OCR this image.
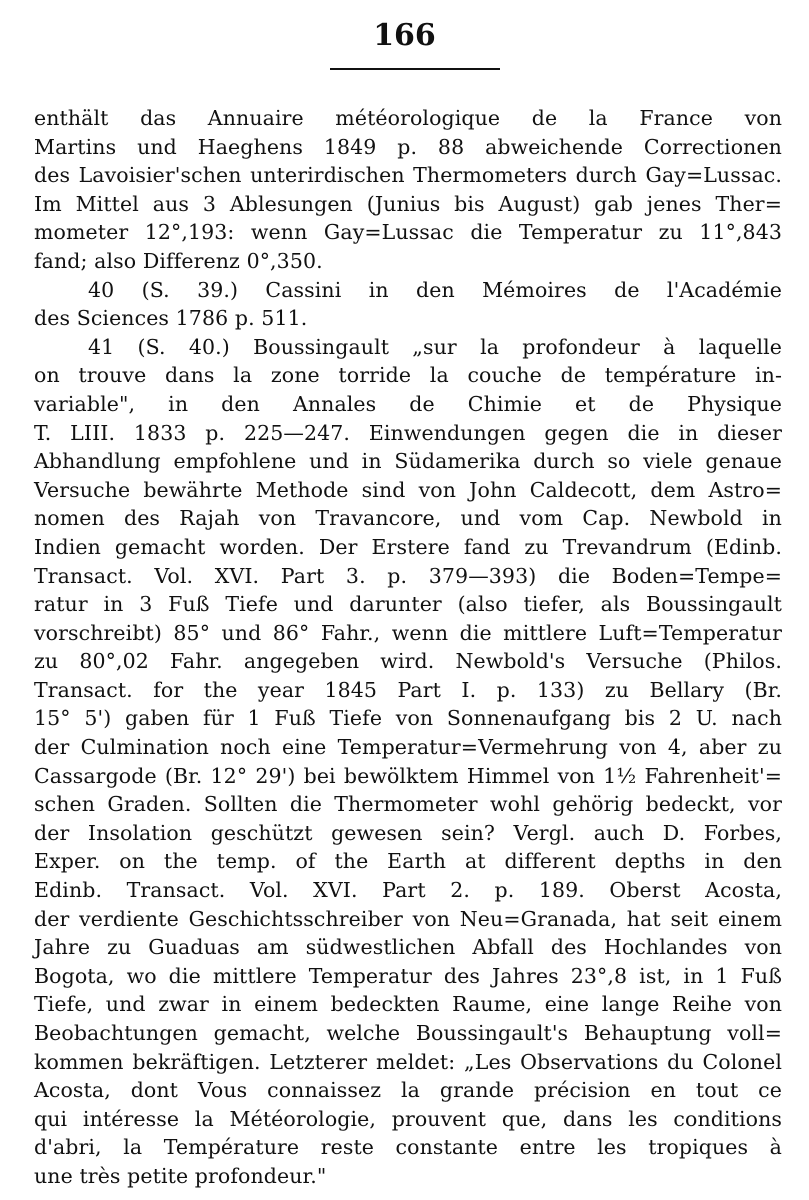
166
enthält das Annuaire météorologique de la France von
Martins und Haeghens 1849 p. 88 abweichende Correctionen
des Lavoisier'schen unterirdischen Thermometers durch Gay=Lussac.
Im Mittel aus 3 Ablesungen (Junius bis August) gab jenes Ther=
mometer 12°,193: wenn Gay=Lussac die Temperatur zu 11°,843
fand; also Differenz 0°,350.
40 (S. 39.) Cassini in den Mémoires de l'Académie
des Sciences 1786 p. 511.
41 (S. 40.) Boussingault „sur la profondeur à laquelle
on trouve dans la zone torride la couche de température in-
variable", in den Annales de Chimie et de Physique
T. LIII. 1833 p. 225—247. Einwendungen gegen die in dieser
Abhandlung empfohlene und in Südamerika durch so viele genaue
Versuche bewährte Methode sind von John Caldecott, dem Astro=
nomen des Rajah von Travancore, und vom Cap. Newbold in
Indien gemacht worden. Der Erstere fand zu Trevandrum (Edinb.
Transact. Vol. XVI. Part 3. p. 379—393) die Boden=Tempe=
ratur in 3 Fuß Tiefe und darunter (also tiefer, als Boussingault
vorschreibt) 85° und 86° Fahr., wenn die mittlere Luft=Temperatur
zu 80°,02 Fahr. angegeben wird. Newbold's Versuche (Philos.
Transact. for the year 1845 Part I. p. 133) zu Bellary (Br.
15° 5') gaben für 1 Fuß Tiefe von Sonnenaufgang bis 2 U. nach
der Culmination noch eine Temperatur=Vermehrung von 4, aber zu
Cassargode (Br. 12° 29') bei bewölktem Himmel von 1½ Fahrenheit'=
schen Graden. Sollten die Thermometer wohl gehörig bedeckt, vor
der Insolation geschützt gewesen sein? Vergl. auch D. Forbes,
Exper. on the temp. of the Earth at different depths in den
Edinb. Transact. Vol. XVI. Part 2. p. 189. Oberst Acosta,
der verdiente Geschichtsschreiber von Neu=Granada, hat seit einem
Jahre zu Guaduas am südwestlichen Abfall des Hochlandes von
Bogota, wo die mittlere Temperatur des Jahres 23°,8 ist, in 1 Fuß
Tiefe, und zwar in einem bedeckten Raume, eine lange Reihe von
Beobachtungen gemacht, welche Boussingault's Behauptung voll=
kommen bekräftigen. Letzterer meldet: „Les Observations du Colonel
Acosta, dont Vous connaissez la grande précision en tout ce
qui intéresse la Météorologie, prouvent que, dans les conditions
d'abri, la Température reste constante entre les tropiques à
une très petite profondeur."
